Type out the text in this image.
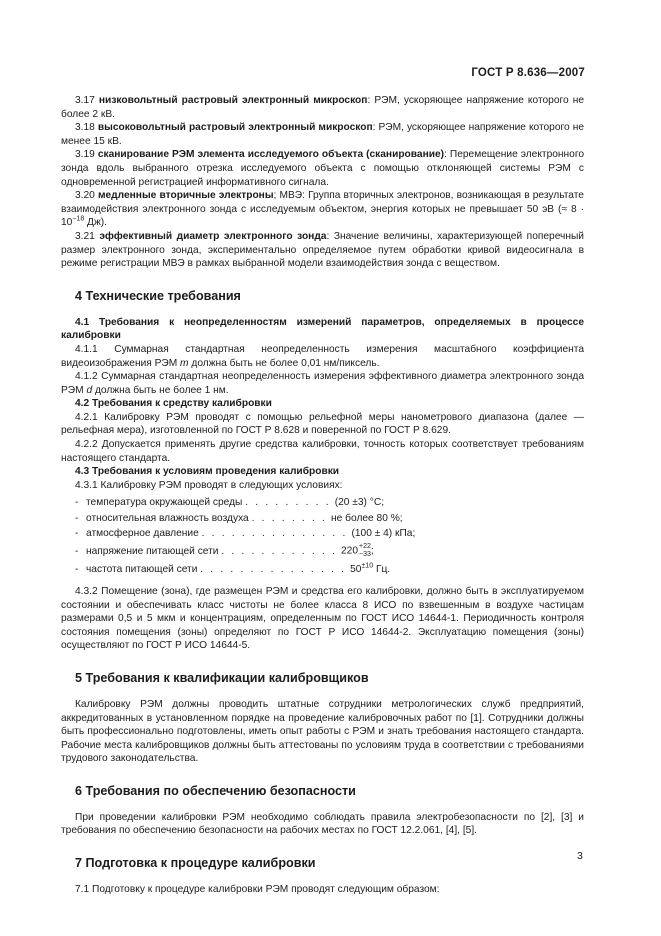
ГОСТ Р 8.636—2007

3.17 низковольтный растровый электронный микроскоп: РЭМ, ускоряющее напряжение которого не более 2 кВ.

3.18 высоковольтный растровый электронный микроскоп: РЭМ, ускоряющее напряжение которого не менее 15 кВ.

3.19 сканирование РЭМ элемента исследуемого объекта (сканирование): Перемещение электронного зонда вдоль выбранного отрезка исследуемого объекта с помощью отклоняющей системы РЭМ с одновременной регистрацией информативного сигнала.

3.20 медленные вторичные электроны; МВЭ: Группа вторичных электронов, возникающая в результате взаимодействия электронного зонда с исследуемым объектом, энергия которых не превышает 50 эВ (≈ $8 \cdot 10^{-18}$ Дж).

3.21 эффективный диаметр электронного зонда: Значение величины, характеризующей поперечный размер электронного зонда, экспериментально определяемое путем обработки кривой видеосигнала в режиме регистрации МВЭ в рамках выбранной модели взаимодействия зонда с веществом.

4 Технические требования

4.1 Требования к неопределенностям измерений параметров, определяемых в процессе калибровки

4.1.1 Суммарная стандартная неопределенность измерения масштабного коэффициента видеоизображения РЭМ m должна быть не более 0,01 нм/пиксель.

4.1.2 Суммарная стандартная неопределенность измерения эффективного диаметра электронного зонда РЭМ d должна быть не более 1 нм.

4.2 Требования к средству калибровки

4.2.1 Калибровку РЭМ проводят с помощью рельефной меры нанометрового диапазона (далее — рельефная мера), изготовленной по ГОСТ Р 8.628 и поверенной по ГОСТ Р 8.629.

4.2.2 Допускается применять другие средства калибровки, точность которых соответствует требованиям настоящего стандарта.

4.3 Требования к условиям проведения калибровки

4.3.1 Калибровку РЭМ проводят в следующих условиях:

- температура окружающей среды
. . . . . . . . . (20 ±3) °С;
- относительная влажность воздуха
. . . . . . . . не более 80 %;
- атмосферное давление
. . . . . . . . . . . . . . . (100 ± 4) кПа;
- напряжение питающей сети
. . . . . . . . . . . . 220 +22
−33 ;
- частота питающей сети
. . . . . . . . . . . . . . . $50^{\pm 10}$ Гц.

4.3.2 Помещение (зона), где размещен РЭМ и средства его калибровки, должно быть в эксплуатируемом состоянии и обеспечивать класс чистоты не более класса 8 ИСО по взвешенным в воздухе частицам размерами 0,5 и 5 мкм и концентрациям, определенным по ГОСТ ИСО 14644-1. Периодичность контроля состояния помещения (зоны) определяют по ГОСТ Р ИСО 14644-2. Эксплуатацию помещения (зоны) осуществляют по ГОСТ Р ИСО 14644-5.

5 Требования к квалификации калибровщиков

Калибровку РЭМ должны проводить штатные сотрудники метрологических служб предприятий, аккредитованных в установленном порядке на проведение калибровочных работ по [1]. Сотрудники должны быть профессионально подготовлены, иметь опыт работы с РЭМ и знать требования настоящего стандарта. Рабочие места калибровщиков должны быть аттестованы по условиям труда в соответствии с требованиями трудового законодательства.

6 Требования по обеспечению безопасности

При проведении калибровки РЭМ необходимо соблюдать правила электробезопасности по [2], [3] и требования по обеспечению безопасности на рабочих местах по ГОСТ 12.2.061, [4], [5].

7 Подготовка к процедуре калибровки

7.1 Подготовку к процедуре калибровки РЭМ проводят следующим образом:

3
